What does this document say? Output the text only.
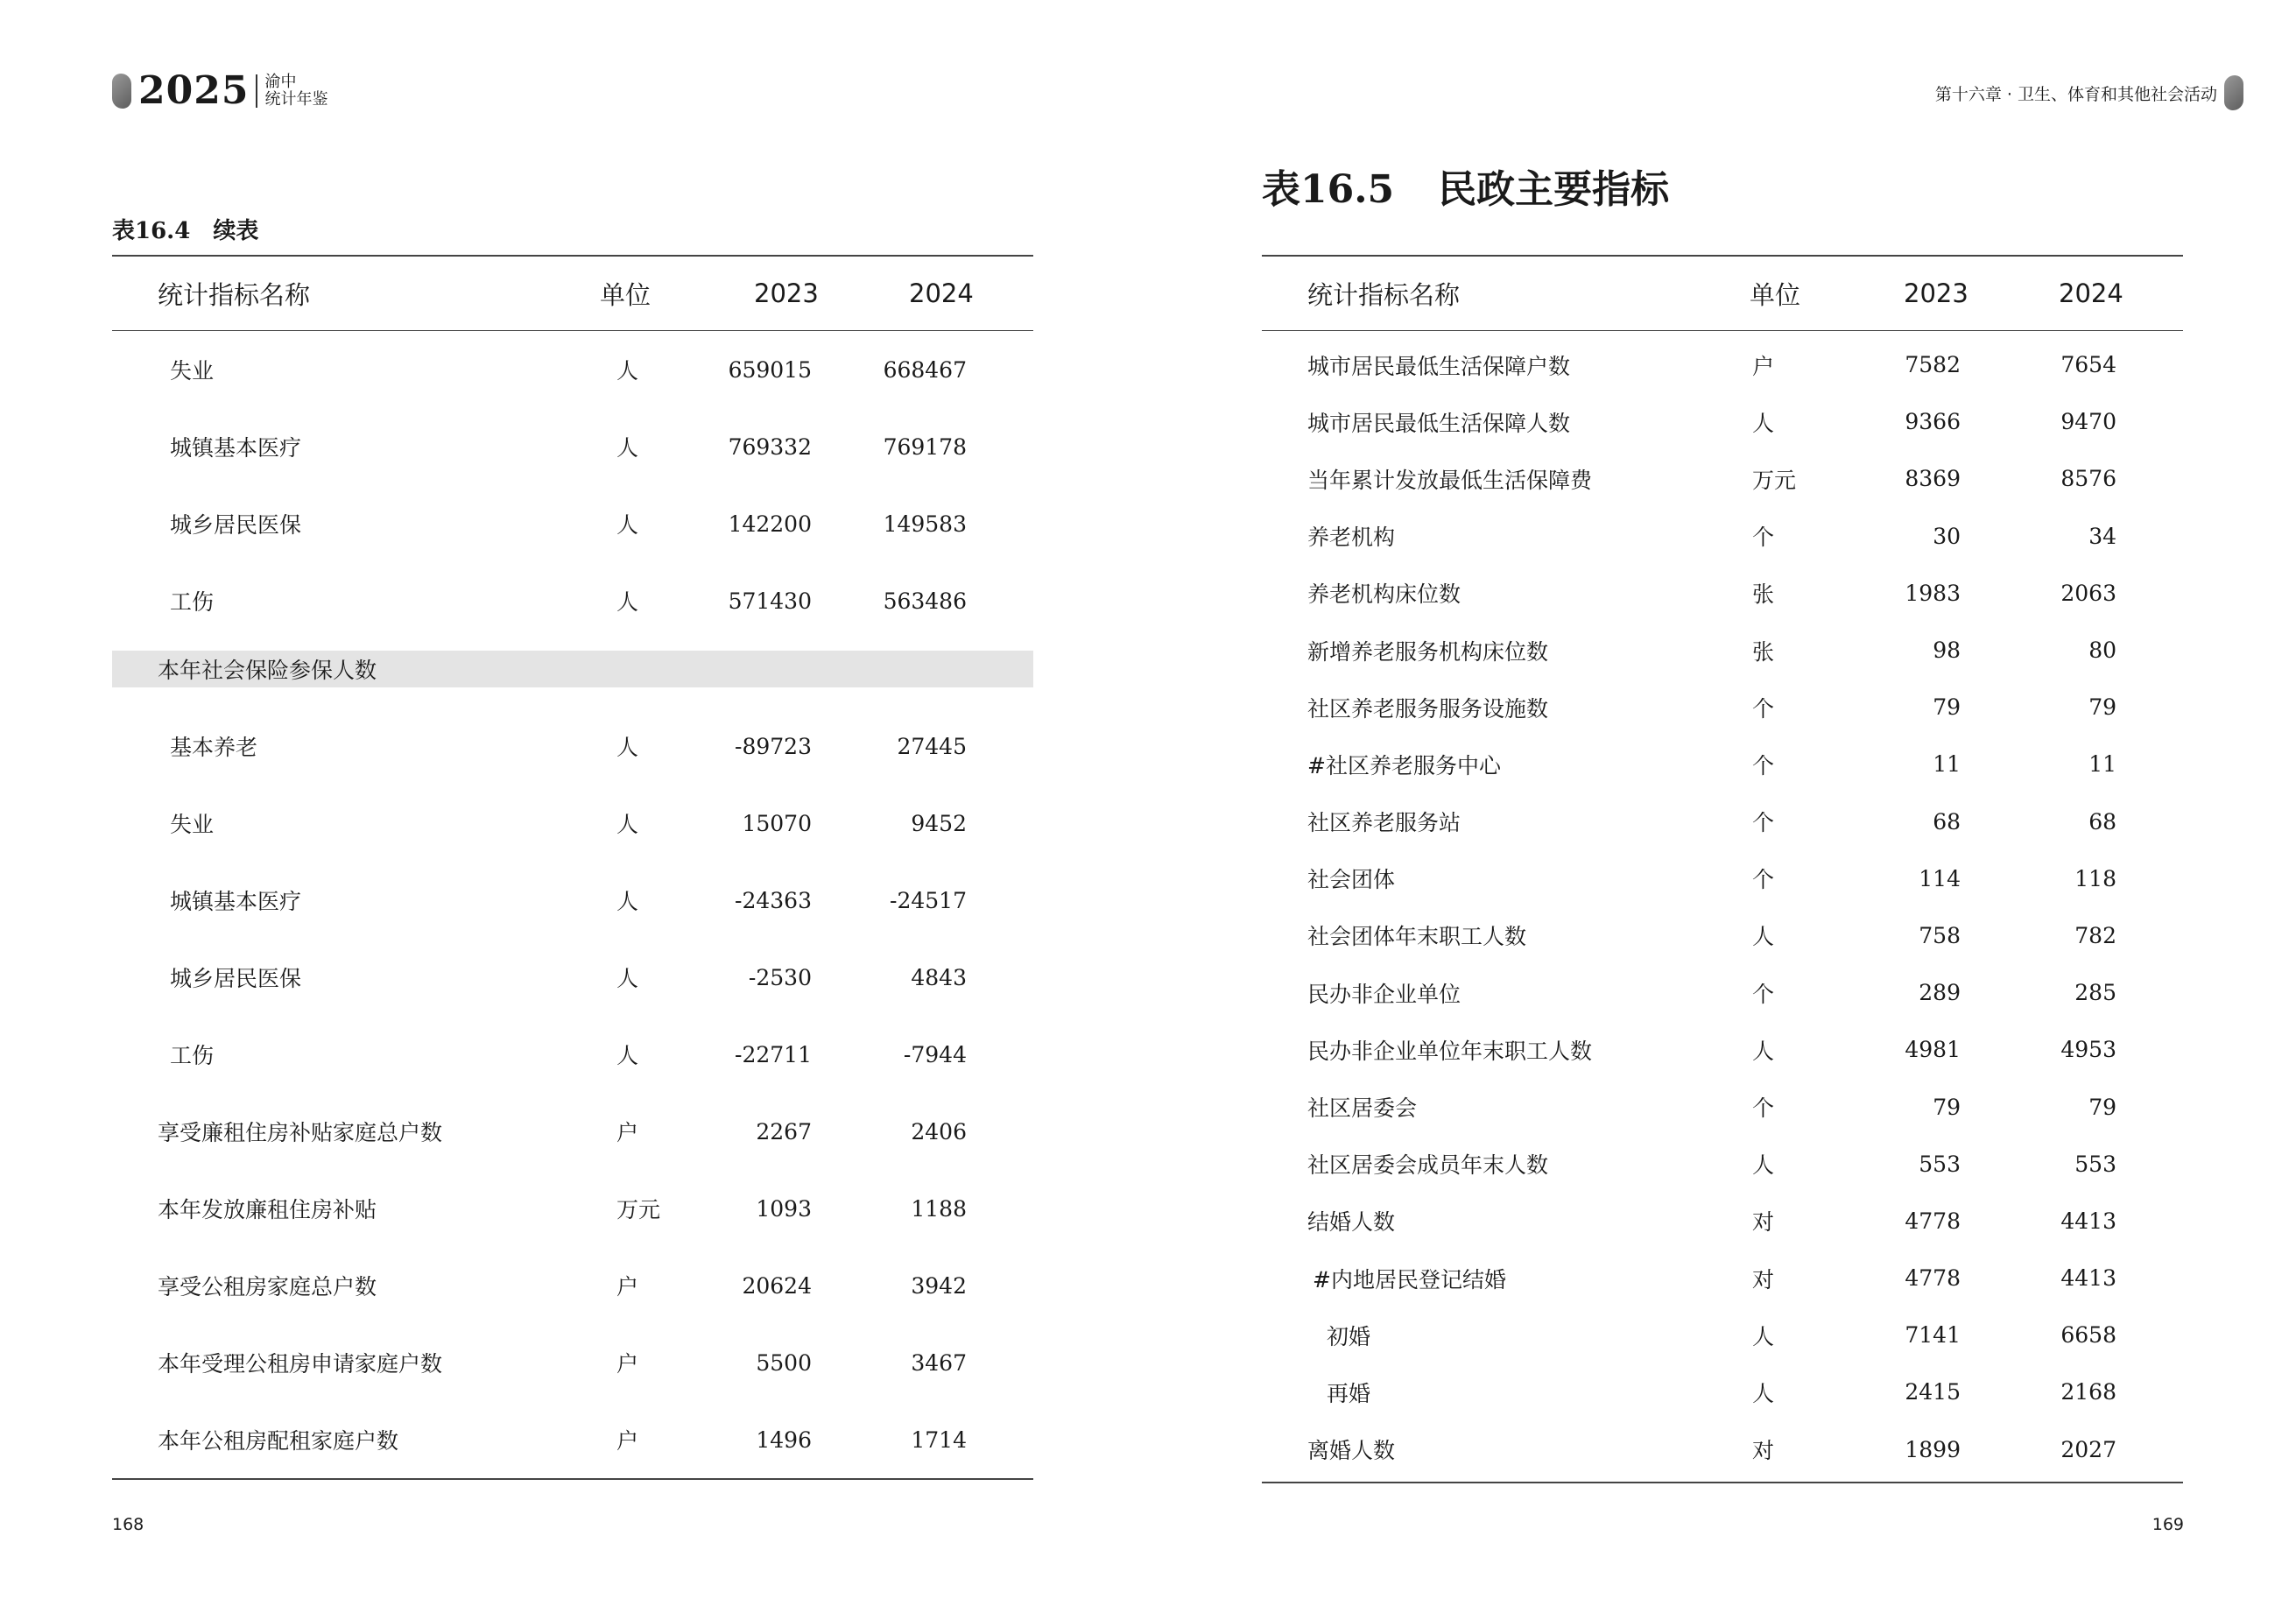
2025 渝中
统计年鉴
表16.4　续表
统计指标名称	单位	2023	2024
失业	人	659015	668467
城镇基本医疗	人	769332	769178
城乡居民医保	人	142200	149583
工伤	人	571430	563486
本年社会保险参保人数
基本养老	人	-89723	27445
失业	人	15070	9452
城镇基本医疗	人	-24363	-24517
城乡居民医保	人	-2530	4843
工伤	人	-22711	-7944
享受廉租住房补贴家庭总户数	户	2267	2406
本年发放廉租住房补贴	万元	1093	1188
享受公租房家庭总户数	户	20624	3942
本年受理公租房申请家庭户数	户	5500	3467
本年公租房配租家庭户数	户	1496	1714
168
第十六章 · 卫生、体育和其他社会活动
表16.5 民政主要指标
统计指标名称	单位	2023	2024
城市居民最低生活保障户数	户	7582	7654
城市居民最低生活保障人数	人	9366	9470
当年累计发放最低生活保障费	万元	8369	8576
养老机构	个	30	34
养老机构床位数	张	1983	2063
新增养老服务机构床位数	张	98	80
社区养老服务服务设施数	个	79	79
#社区养老服务中心	个	11	11
社区养老服务站	个	68	68
社会团体	个	114	118
社会团体年末职工人数	人	758	782
民办非企业单位	个	289	285
民办非企业单位年末职工人数	人	4981	4953
社区居委会	个	79	79
社区居委会成员年末人数	人	553	553
结婚人数	对	4778	4413
#内地居民登记结婚	对	4778	4413
初婚	人	7141	6658
再婚	人	2415	2168
离婚人数	对	1899	2027
169
